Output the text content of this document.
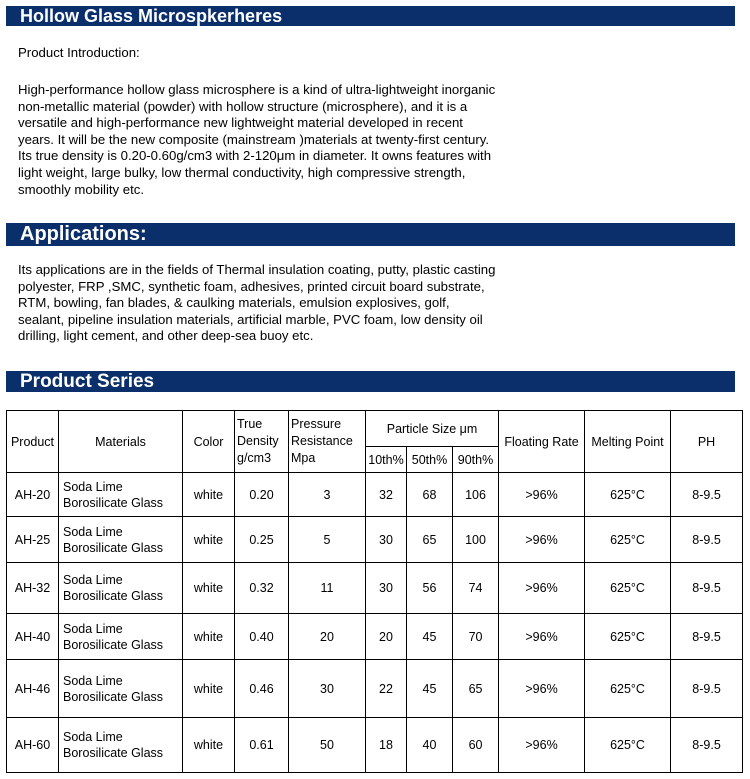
Hollow Glass Microspkerheres
Product Introduction:
High-performance hollow glass microsphere is a kind of ultra-lightweight inorganic
non-metallic material (powder) with hollow structure (microsphere), and it is a
versatile and high-performance new lightweight material developed in recent
years. It will be the new composite (mainstream )materials at twenty-first century.
Its true density is 0.20-0.60g/cm3 with 2-120μm in diameter. It owns features with
light weight, large bulky, low thermal conductivity, high compressive strength,
smoothly mobility etc.
Applications:
Its applications are in the fields of Thermal insulation coating, putty, plastic casting
polyester, FRP ,SMC, synthetic foam, adhesives, printed circuit board substrate,
RTM, bowling, fan blades, & caulking materials, emulsion explosives, golf,
sealant, pipeline insulation materials, artificial marble, PVC foam, low density oil
drilling, light cement, and other deep-sea buoy etc.
Product Series
Product	Materials	Color	True
Density
g/cm3	Pressure
Resistance
Mpa	Particle Size μm			Floating Rate	Melting Point	PH
					10th%	50th%	90th%			
AH-20	Soda Lime
Borosilicate Glass	white	0.20	3	32	68	106	>96%	625°C	8-9.5
AH-25	Soda Lime
Borosilicate Glass	white	0.25	5	30	65	100	>96%	625°C	8-9.5
AH-32	Soda Lime
Borosilicate Glass	white	0.32	11	30	56	74	>96%	625°C	8-9.5
AH-40	Soda Lime
Borosilicate Glass	white	0.40	20	20	45	70	>96%	625°C	8-9.5
AH-46	Soda Lime
Borosilicate Glass	white	0.46	30	22	45	65	>96%	625°C	8-9.5
AH-60	Soda Lime
Borosilicate Glass	white	0.61	50	18	40	60	>96%	625°C	8-9.5
